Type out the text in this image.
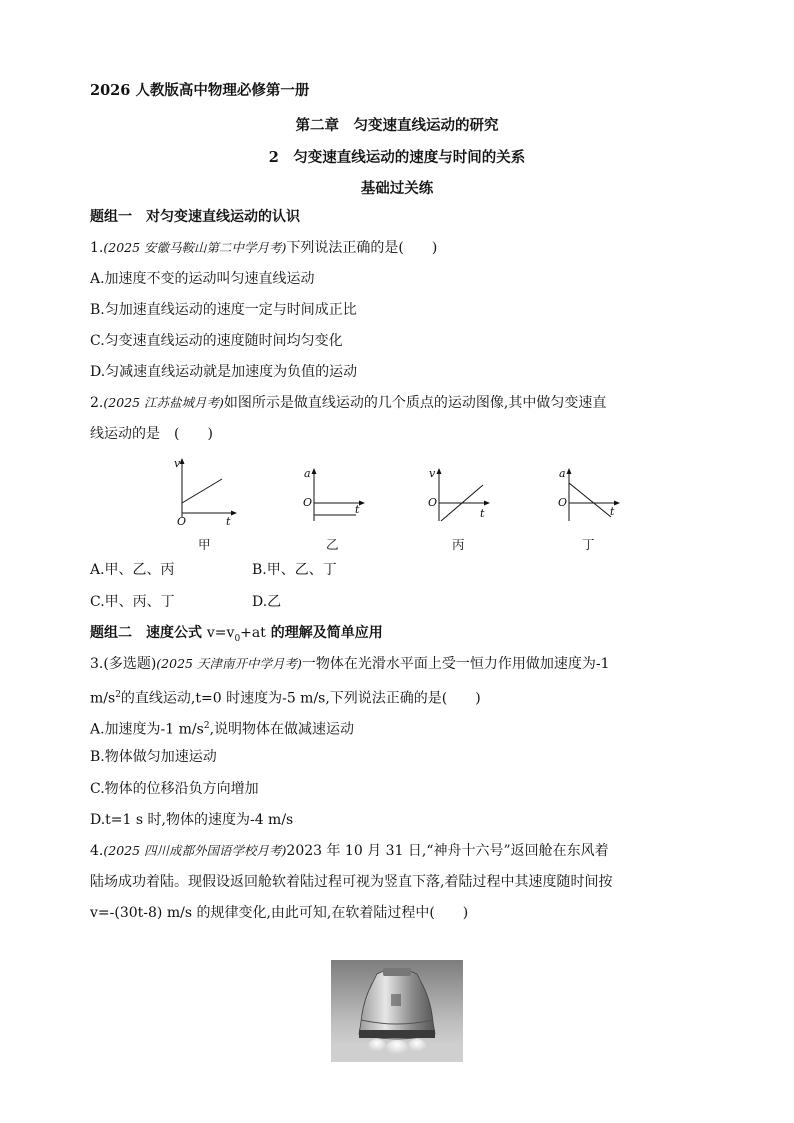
2026 人教版高中物理必修第一册
第二章　匀变速直线运动的研究
2　匀变速直线运动的速度与时间的关系
基础过关练
题组一　对匀变速直线运动的认识
1.(2025 安徽马鞍山第二中学月考)下列说法正确的是(　　)
A.加速度不变的运动叫匀速直线运动
B.匀加速直线运动的速度一定与时间成正比
C.匀变速直线运动的速度随时间均匀变化
D.匀减速直线运动就是加速度为负值的运动
2.(2025 江苏盐城月考)如图所示是做直线运动的几个质点的运动图像,其中做匀变速直
线运动的是　(　　)
v
O	t
甲
a
O
t
乙
v
O
t
丙
a
O
t
丁
A.甲、乙、丙	B.甲、乙、丁
C.甲、丙、丁	D.乙
题组二　速度公式 $v=v_0+at$ 的理解及简单应用
3.(多选题)(2025 天津南开中学月考)一物体在光滑水平面上受一恒力作用做加速度为-1
$m/s^2$的直线运动,t=0 时速度为-5 m/s,下列说法正确的是(　　)
A.加速度为-1 $m/s^2$,说明物体在做减速运动
B.物体做匀加速运动
C.物体的位移沿负方向增加
D.t=1 s 时,物体的速度为-4 m/s
4.(2025 四川成都外国语学校月考)2023 年 10 月 31 日,“神舟十六号”返回舱在东风着
陆场成功着陆。现假设返回舱软着陆过程可视为竖直下落,着陆过程中其速度随时间按
v=-(30t-8) m/s 的规律变化,由此可知,在软着陆过程中(　　)
